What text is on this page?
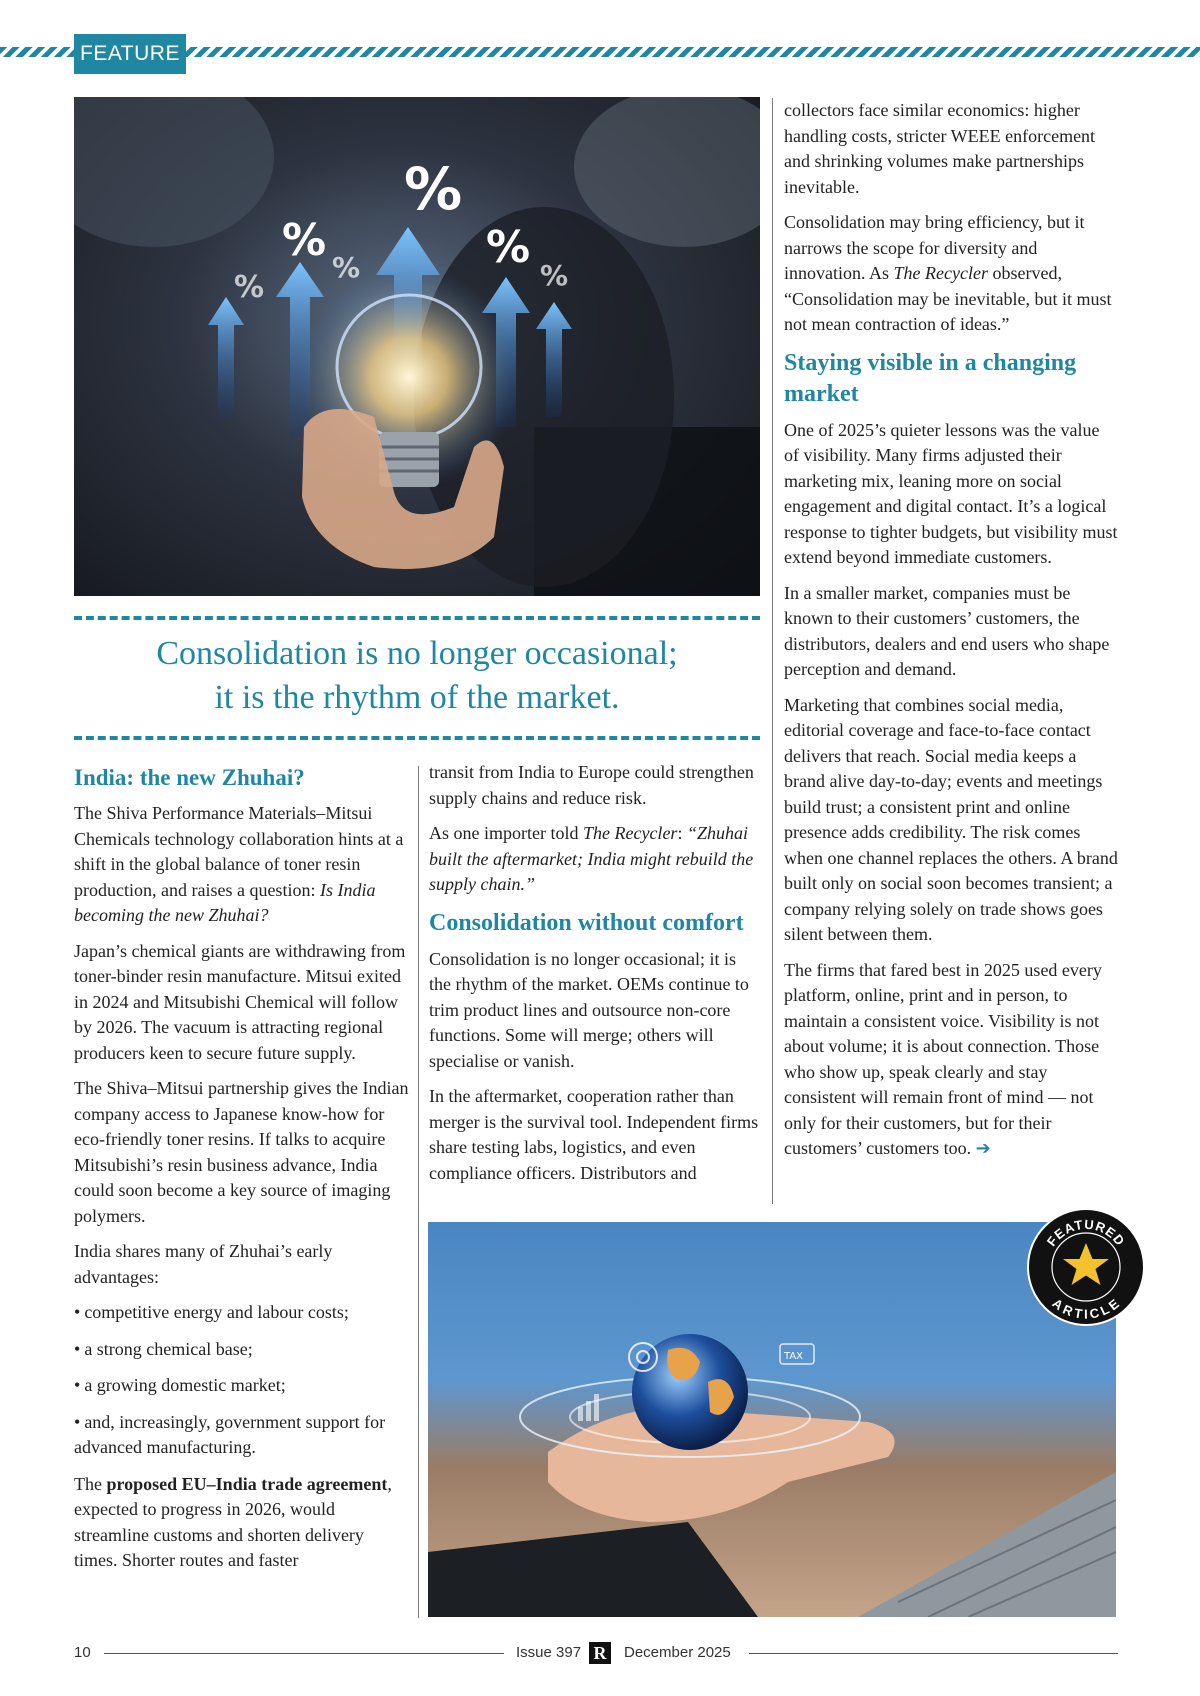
FEATURE
%
%	%
%
%	%
Consolidation is no longer occasional;
it is the rhythm of the market.
India: the new Zhuhai?

The Shiva Performance Materials–Mitsui Chemicals technology collaboration hints at a shift in the global balance of toner resin production, and raises a question: Is India becoming the new Zhuhai?

Japan’s chemical giants are withdrawing from toner-binder resin manufacture. Mitsui exited in 2024 and Mitsubishi Chemical will follow by 2026. The vacuum is attracting regional producers keen to secure future supply.

The Shiva–Mitsui partnership gives the Indian company access to Japanese know-how for eco-friendly toner resins. If talks to acquire Mitsubishi’s resin business advance, India could soon become a key source of imaging polymers.

India shares many of Zhuhai’s early advantages:

• competitive energy and labour costs;
• a strong chemical base;
• a growing domestic market;
• and, increasingly, government support for advanced manufacturing.

The proposed EU–India trade agreement, expected to progress in 2026, would streamline customs and shorten delivery times. Shorter routes and faster

transit from India to Europe could strengthen supply chains and reduce risk.

As one importer told The Recycler: “Zhuhai built the aftermarket; India might rebuild the supply chain.”

Consolidation without comfort

Consolidation is no longer occasional; it is the rhythm of the market. OEMs continue to trim product lines and outsource non-core functions. Some will merge; others will specialise or vanish.

In the aftermarket, cooperation rather than merger is the survival tool. Independent firms share testing labs, logistics, and even compliance officers. Distributors and

collectors face similar economics: higher handling costs, stricter WEEE enforcement and shrinking volumes make partnerships inevitable.

Consolidation may bring efficiency, but it narrows the scope for diversity and innovation. As The Recycler observed, “Consolidation may be inevitable, but it must not mean contraction of ideas.”

Staying visible in a changing market

One of 2025’s quieter lessons was the value of visibility. Many firms adjusted their marketing mix, leaning more on social engagement and digital contact. It’s a logical response to tighter budgets, but visibility must extend beyond immediate customers.

In a smaller market, companies must be known to their customers’ customers, the distributors, dealers and end users who shape perception and demand.

Marketing that combines social media, editorial coverage and face-to-face contact delivers that reach. Social media keeps a brand alive day-to-day; events and meetings build trust; a consistent print and online presence adds credibility. The risk comes when one channel replaces the others. A brand built only on social soon becomes transient; a company relying solely on trade shows goes silent between them.

The firms that fared best in 2025 used every platform, online, print and in person, to maintain a consistent voice. Visibility is not about volume; it is about connection. Those who show up, speak clearly and stay consistent will remain front of mind — not only for their customers, but for their customers’ customers too. ➔

TAX
FEATURED
ARTICLE
10	Issue 397 R	December 2025
